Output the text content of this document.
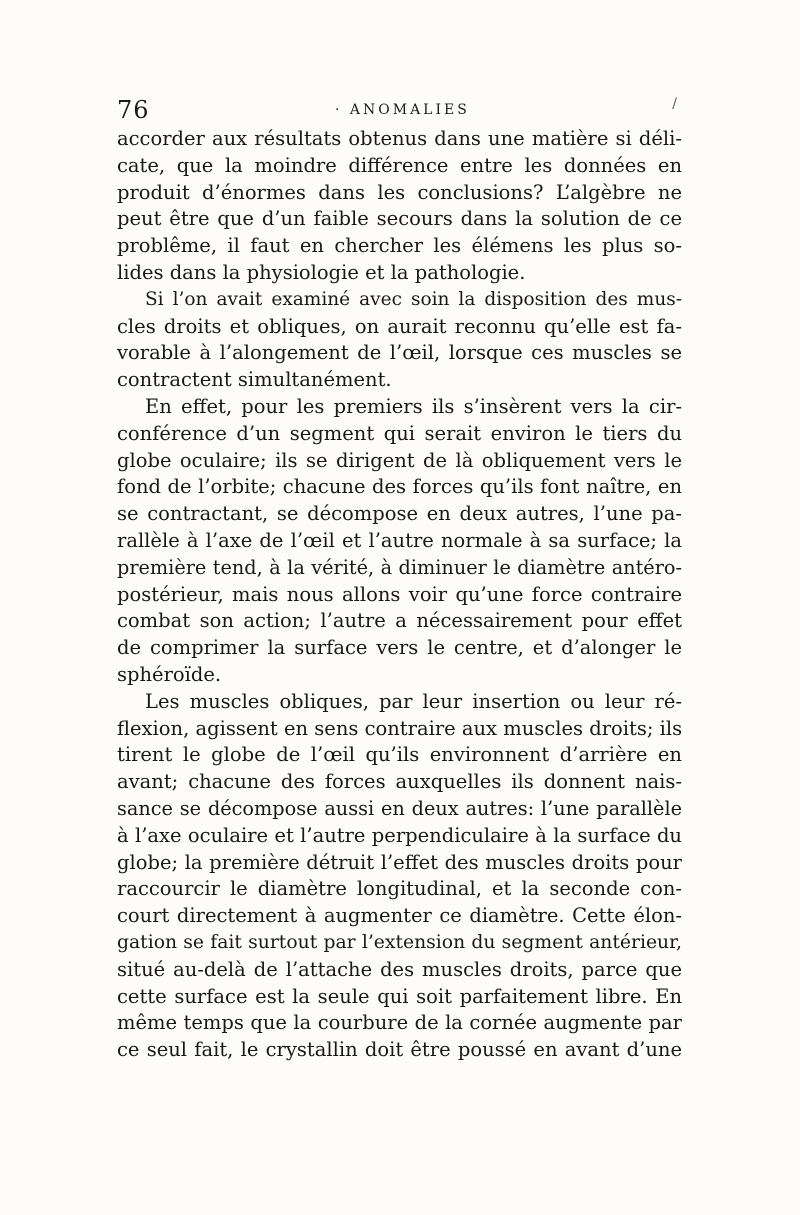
76	· ANOMALIES	/
accorder aux résultats obtenus dans une matière si déli-
cate, que la moindre différence entre les données en
produit d’énormes dans les conclusions? L’algèbre ne
peut être que d’un faible secours dans la solution de ce
problême, il faut en chercher les élémens les plus so-
lides dans la physiologie et la pathologie.
Si l’on avait examiné avec soin la disposition des mus-
cles droits et obliques, on aurait reconnu qu’elle est fa-
vorable à l’alongement de l’œil, lorsque ces muscles se
contractent simultanément.
En effet, pour les premiers ils s’insèrent vers la cir-
conférence d’un segment qui serait environ le tiers du
globe oculaire; ils se dirigent de là obliquement vers le
fond de l’orbite; chacune des forces qu’ils font naître, en
se contractant, se décompose en deux autres, l’une pa-
rallèle à l’axe de l’œil et l’autre normale à sa surface; la
première tend, à la vérité, à diminuer le diamètre antéro-
postérieur, mais nous allons voir qu’une force contraire
combat son action; l’autre a nécessairement pour effet
de comprimer la surface vers le centre, et d’alonger le
sphéroïde.
Les muscles obliques, par leur insertion ou leur ré-
flexion, agissent en sens contraire aux muscles droits; ils
tirent le globe de l’œil qu’ils environnent d’arrière en
avant; chacune des forces auxquelles ils donnent nais-
sance se décompose aussi en deux autres: l’une parallèle
à l’axe oculaire et l’autre perpendiculaire à la surface du
globe; la première détruit l’effet des muscles droits pour
raccourcir le diamètre longitudinal, et la seconde con-
court directement à augmenter ce diamètre. Cette élon-
gation se fait surtout par l’extension du segment antérieur,
situé au-delà de l’attache des muscles droits, parce que
cette surface est la seule qui soit parfaitement libre. En
même temps que la courbure de la cornée augmente par
ce seul fait, le crystallin doit être poussé en avant d’une
